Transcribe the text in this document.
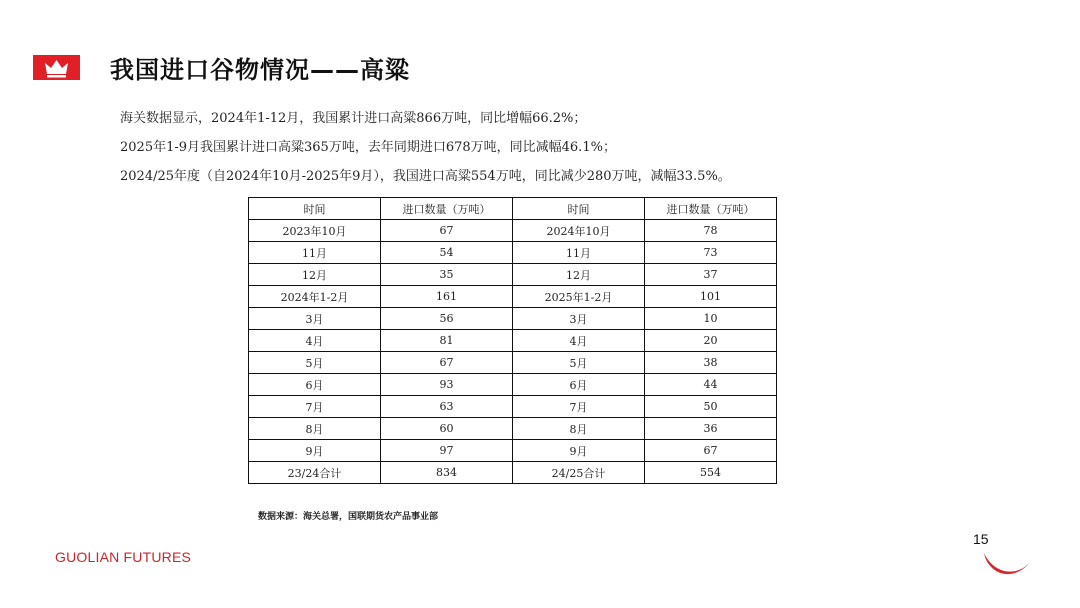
我国进口谷物情况——高粱
海关数据显示，2024年1-12月，我国累计进口高粱866万吨，同比增幅66.2%；
2025年1-9月我国累计进口高粱365万吨，去年同期进口678万吨，同比减幅46.1%；
2024/25年度（自2024年10月-2025年9月），我国进口高粱554万吨，同比减少280万吨，减幅33.5%。
时间	进口数量（万吨）	时间	进口数量（万吨）
2023年10月	67	2024年10月	78
11月	54	11月	73
12月	35	12月	37
2024年1-2月	161	2025年1-2月	101
3月	56	3月	10
4月	81	4月	20
5月	67	5月	38
6月	93	6月	44
7月	63	7月	50
8月	60	8月	36
9月	97	9月	67
23/24合计	834	24/25合计	554
数据来源：海关总署，国联期货农产品事业部
15
GUOLIAN FUTURES
